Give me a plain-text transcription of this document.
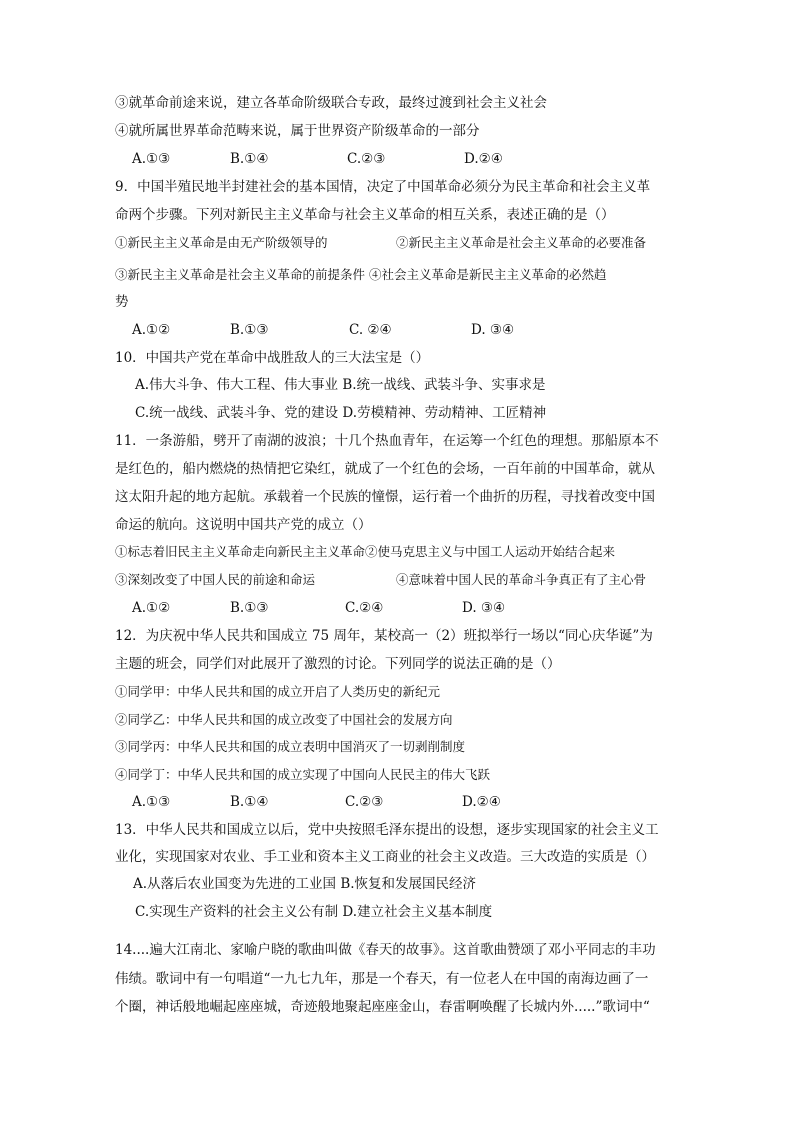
③就革命前途来说，建立各革命阶级联合专政，最终过渡到社会主义社会
④就所属世界革命范畴来说，属于世界资产阶级革命的一部分
A.①③	B.①④	C.②③	D.②④
9．中国半殖民地半封建社会的基本国情，决定了中国革命必须分为民主革命和社会主义革
命两个步骤。下列对新民主主义革命与社会主义革命的相互关系，表述正确的是（）
①新民主主义革命是由无产阶级领导的	②新民主主义革命是社会主义革命的必要准备
③新民主主义革命是社会主义革命的前提条件 ④社会主义革命是新民主主义革命的必然趋
势
A.①②	B.①③	C. ②④	D. ③④
10．中国共产党在革命中战胜敌人的三大法宝是（）
A.伟大斗争、伟大工程、伟大事业 B.统一战线、武装斗争、实事求是
C.统一战线、武装斗争、党的建设 D.劳模精神、劳动精神、工匠精神
11．一条游船，劈开了南湖的波浪；十几个热血青年，在运筹一个红色的理想。那船原本不
是红色的，船内燃烧的热情把它染红，就成了一个红色的会场，一百年前的中国革命，就从
这太阳升起的地方起航。承载着一个民族的憧憬，运行着一个曲折的历程，寻找着改变中国
命运的航向。这说明中国共产党的成立（）
①标志着旧民主主义革命走向新民主主义革命②使马克思主义与中国工人运动开始结合起来
③深刻改变了中国人民的前途和命运	④意味着中国人民的革命斗争真正有了主心骨
A.①②	B.①③	C.②④	D. ③④
12．为庆祝中华人民共和国成立 75 周年，某校高一（2）班拟举行一场以“同心庆华诞”为
主题的班会，同学们对此展开了激烈的讨论。下列同学的说法正确的是（）
①同学甲：中华人民共和国的成立开启了人类历史的新纪元
②同学乙：中华人民共和国的成立改变了中国社会的发展方向
③同学丙：中华人民共和国的成立表明中国消灭了一切剥削制度
④同学丁：中华人民共和国的成立实现了中国向人民民主的伟大飞跃
A.①③	B.①④	C.②③	D.②④
13．中华人民共和国成立以后，党中央按照毛泽东提出的设想，逐步实现国家的社会主义工
业化，实现国家对农业、手工业和资本主义工商业的社会主义改造。三大改造的实质是（）
A.从落后农业国变为先进的工业国 B.恢复和发展国民经济
C.实现生产资料的社会主义公有制 D.建立社会主义基本制度
14....遍大江南北、家喻户晓的歌曲叫做《春天的故事》。这首歌曲赞颂了邓小平同志的丰功
伟绩。歌词中有一句唱道“一九七九年，那是一个春天，有一位老人在中国的南海边画了一
个圈，神话般地崛起座座城，奇迹般地聚起座座金山，春雷啊唤醒了长城内外.....”歌词中“
